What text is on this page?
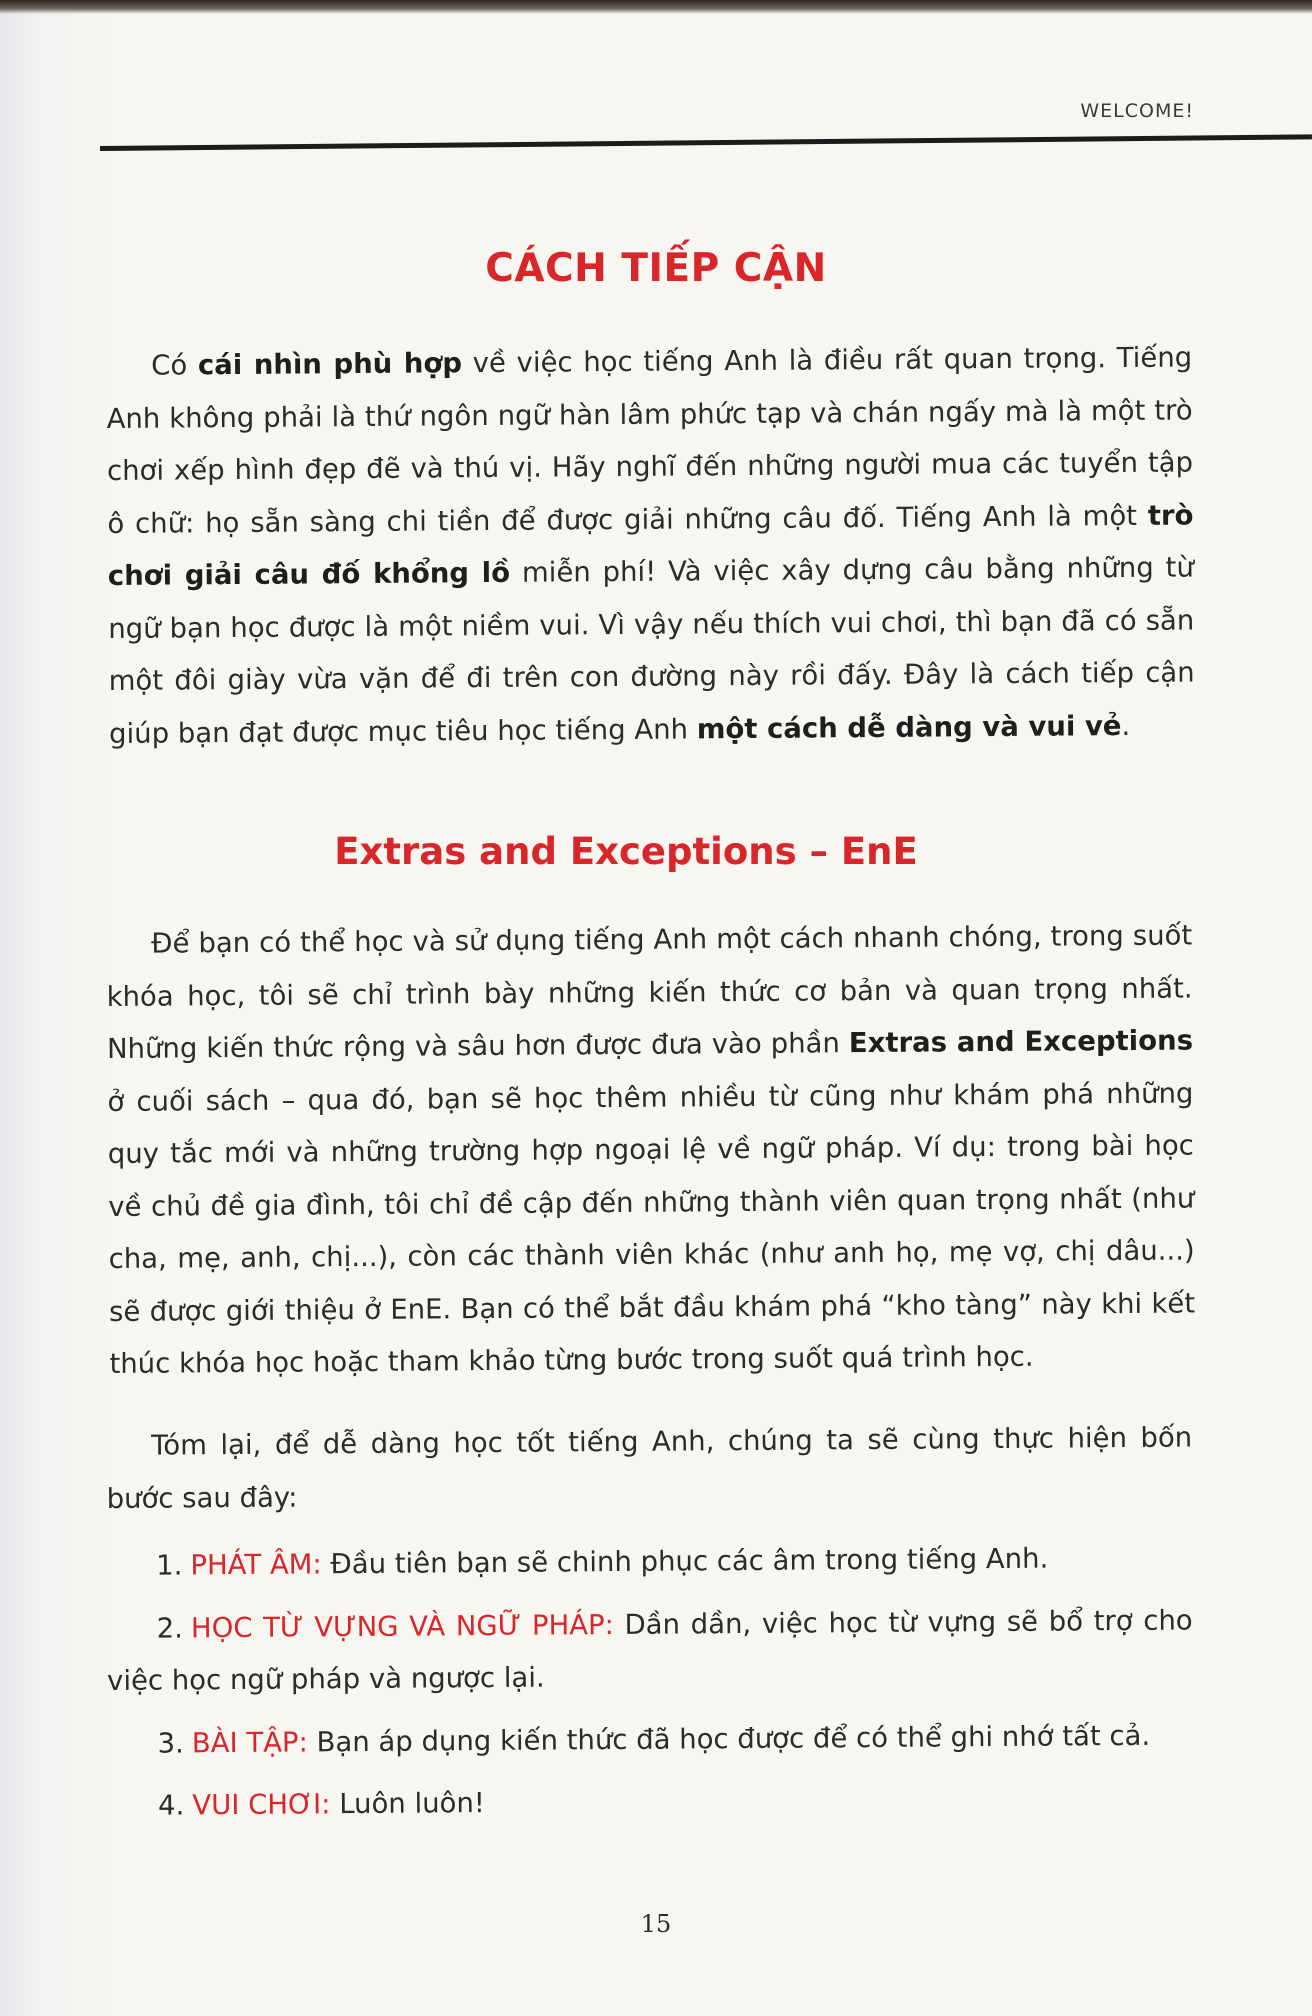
WELCOME!
CÁCH TIẾP CẬN

Có cái nhìn phù hợp về việc học tiếng Anh là điều rất quan trọng. Tiếng Anh không phải là thứ ngôn ngữ hàn lâm phức tạp và chán ngấy mà là một trò chơi xếp hình đẹp đẽ và thú vị. Hãy nghĩ đến những người mua các tuyển tập ô chữ: họ sẵn sàng chi tiền để được giải những câu đố. Tiếng Anh là một trò chơi giải câu đố khổng lồ miễn phí! Và việc xây dựng câu bằng những từ ngữ bạn học được là một niềm vui. Vì vậy nếu thích vui chơi, thì bạn đã có sẵn một đôi giày vừa vặn để đi trên con đường này rồi đấy. Đây là cách tiếp cận giúp bạn đạt được mục tiêu học tiếng Anh một cách dễ dàng và vui vẻ.

Extras and Exceptions – EnE

Để bạn có thể học và sử dụng tiếng Anh một cách nhanh chóng, trong suốt khóa học, tôi sẽ chỉ trình bày những kiến thức cơ bản và quan trọng nhất. Những kiến thức rộng và sâu hơn được đưa vào phần Extras and Exceptions ở cuối sách – qua đó, bạn sẽ học thêm nhiều từ cũng như khám phá những quy tắc mới và những trường hợp ngoại lệ về ngữ pháp. Ví dụ: trong bài học về chủ đề gia đình, tôi chỉ đề cập đến những thành viên quan trọng nhất (như cha, mẹ, anh, chị...), còn các thành viên khác (như anh họ, mẹ vợ, chị dâu...) sẽ được giới thiệu ở EnE. Bạn có thể bắt đầu khám phá “kho tàng” này khi kết thúc khóa học hoặc tham khảo từng bước trong suốt quá trình học.

Tóm lại, để dễ dàng học tốt tiếng Anh, chúng ta sẽ cùng thực hiện bốn bước sau đây:

1. PHÁT ÂM: Đầu tiên bạn sẽ chinh phục các âm trong tiếng Anh.
2. HỌC TỪ VỰNG VÀ NGỮ PHÁP: Dần dần, việc học từ vựng sẽ bổ trợ cho việc học ngữ pháp và ngược lại.
3. BÀI TẬP: Bạn áp dụng kiến thức đã học được để có thể ghi nhớ tất cả.
4. VUI CHƠI: Luôn luôn!
15
